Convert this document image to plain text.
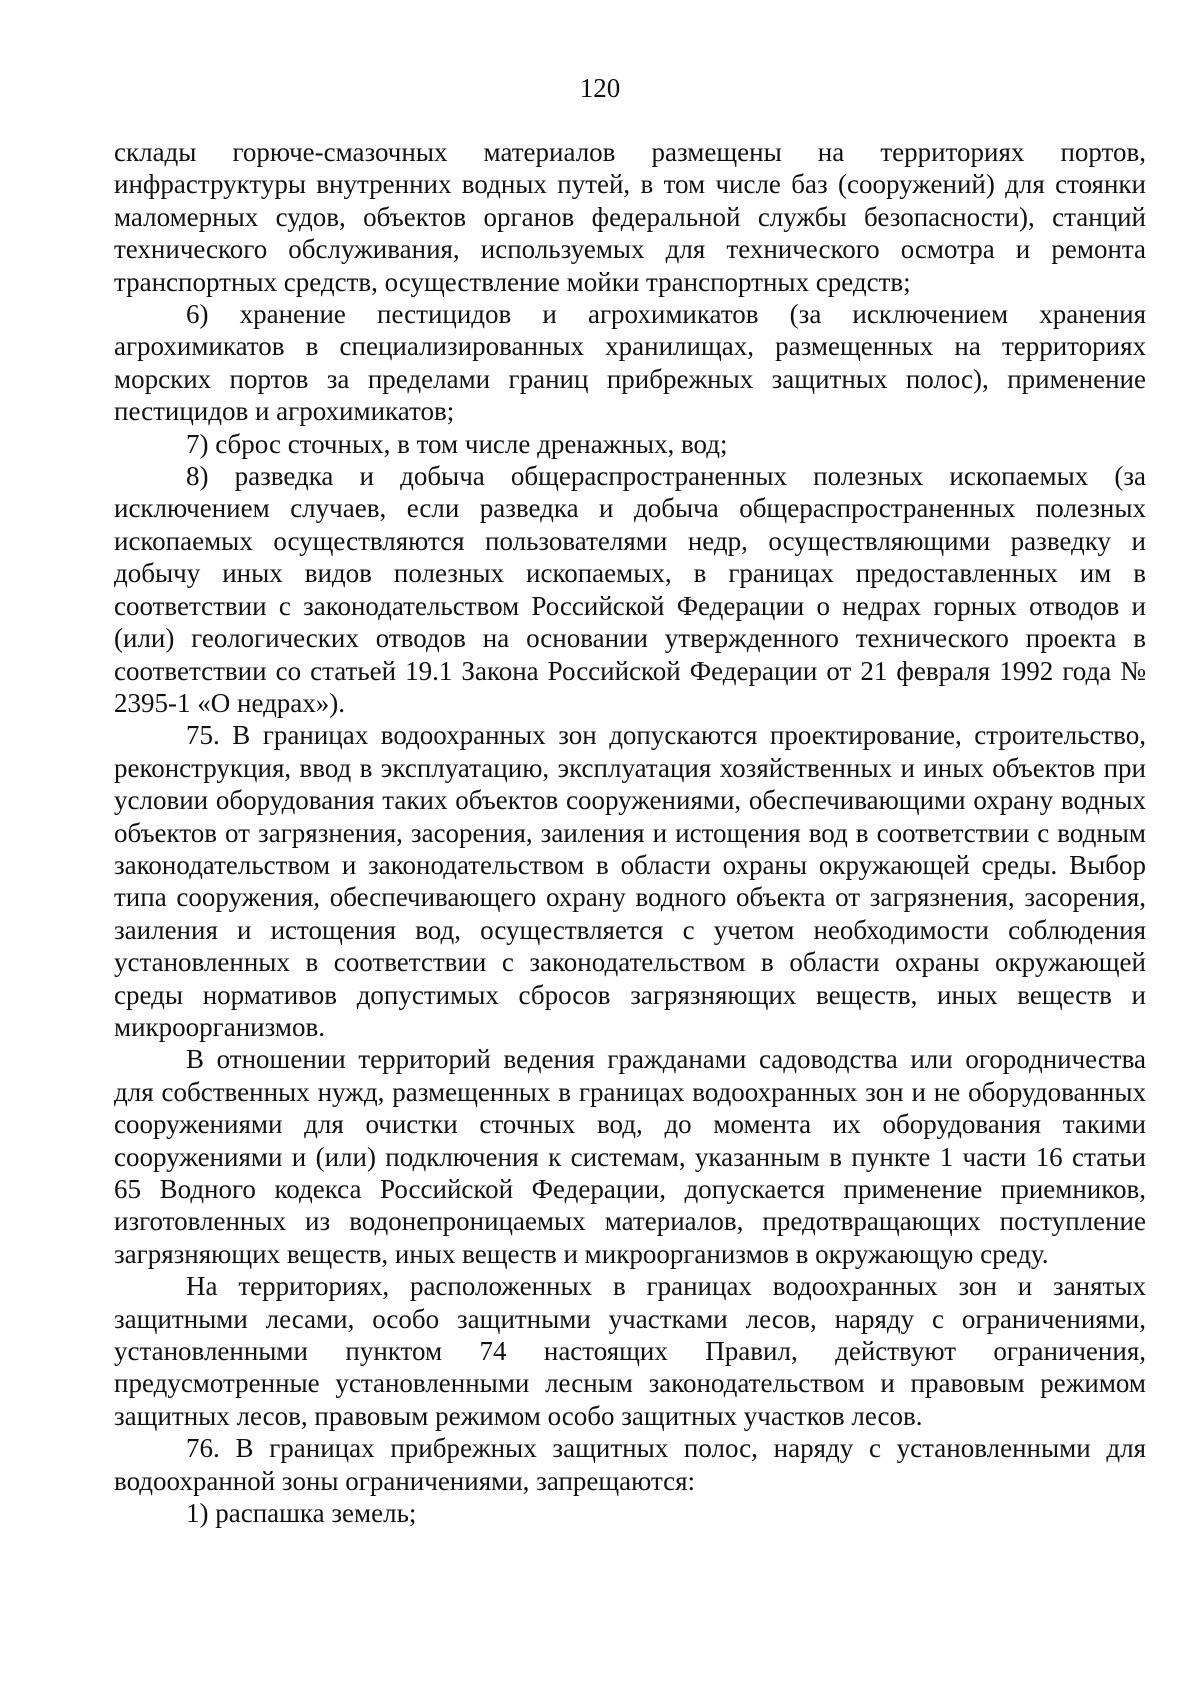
120

склады горюче-смазочных материалов размещены на территориях портов, инфраструктуры внутренних водных путей, в том числе баз (сооружений) для стоянки маломерных судов, объектов органов федеральной службы безопасности), станций технического обслуживания, используемых для технического осмотра и ремонта транспортных средств, осуществление мойки транспортных средств;

6) хранение пестицидов и агрохимикатов (за исключением хранения агрохимикатов в специализированных хранилищах, размещенных на территориях морских портов за пределами границ прибрежных защитных полос), применение пестицидов и агрохимикатов;

7) сброс сточных, в том числе дренажных, вод;

8) разведка и добыча общераспространенных полезных ископаемых (за исключением случаев, если разведка и добыча общераспространенных полезных ископаемых осуществляются пользователями недр, осуществляющими разведку и добычу иных видов полезных ископаемых, в границах предоставленных им в соответствии с законодательством Российской Федерации о недрах горных отводов и (или) геологических отводов на основании утвержденного технического проекта в соответствии со статьей 19.1 Закона Российской Федерации от 21 февраля 1992 года № 2395-1 «О недрах»).

75. В границах водоохранных зон допускаются проектирование, строительство, реконструкция, ввод в эксплуатацию, эксплуатация хозяйственных и иных объектов при условии оборудования таких объектов сооружениями, обеспечивающими охрану водных объектов от загрязнения, засорения, заиления и истощения вод в соответствии с водным законодательством и законодательством в области охраны окружающей среды. Выбор типа сооружения, обеспечивающего охрану водного объекта от загрязнения, засорения, заиления и истощения вод, осуществляется с учетом необходимости соблюдения установленных в соответствии с законодательством в области охраны окружающей среды нормативов допустимых сбросов загрязняющих веществ, иных веществ и микроорганизмов.

В отношении территорий ведения гражданами садоводства или огородничества для собственных нужд, размещенных в границах водоохранных зон и не оборудованных сооружениями для очистки сточных вод, до момента их оборудования такими сооружениями и (или) подключения к системам, указанным в пункте 1 части 16 статьи 65 Водного кодекса Российской Федерации, допускается применение приемников, изготовленных из водонепроницаемых материалов, предотвращающих поступление загрязняющих веществ, иных веществ и микроорганизмов в окружающую среду.

На территориях, расположенных в границах водоохранных зон и занятых защитными лесами, особо защитными участками лесов, наряду с ограничениями, установленными пунктом 74 настоящих Правил, действуют ограничения, предусмотренные установленными лесным законодательством и правовым режимом защитных лесов, правовым режимом особо защитных участков лесов.

76. В границах прибрежных защитных полос, наряду с установленными для водоохранной зоны ограничениями, запрещаются:

1) распашка земель;
